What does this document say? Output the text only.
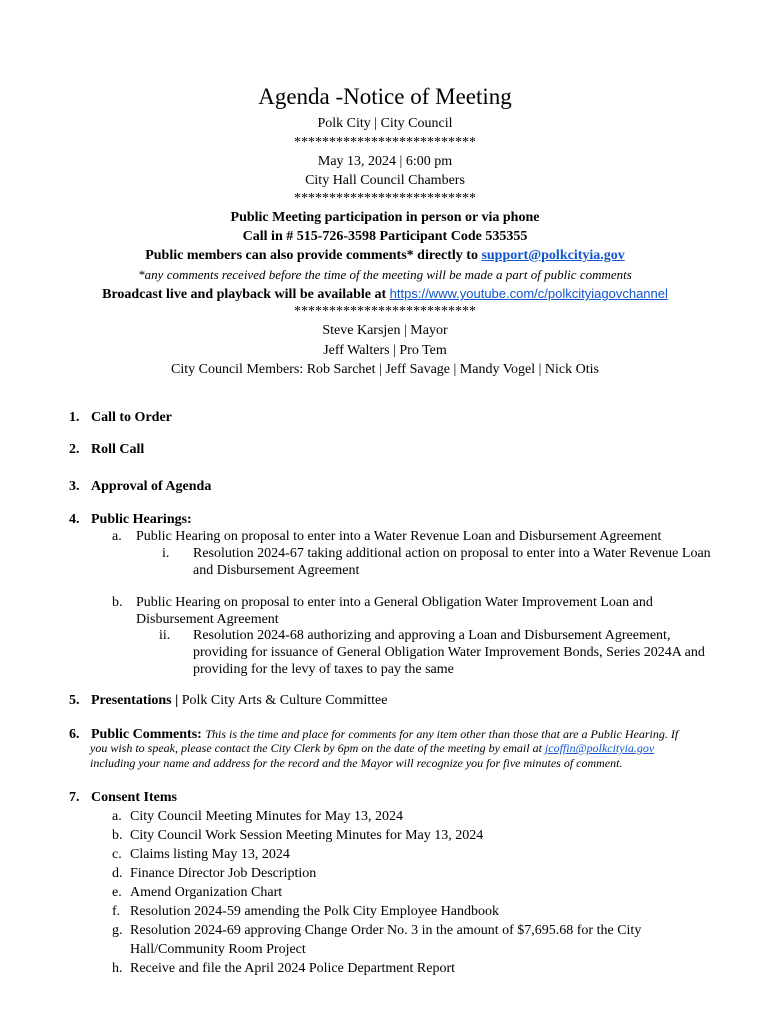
Agenda -Notice of Meeting
Polk City | City Council
**************************
May 13, 2024 | 6:00 pm
City Hall Council Chambers
**************************
Public Meeting participation in person or via phone
Call in # 515-726-3598 Participant Code 535355
Public members can also provide comments* directly to support@polkcityia.gov
*any comments received before the time of the meeting will be made a part of public comments
Broadcast live and playback will be available at https://www.youtube.com/c/polkcityiagovchannel
**************************
Steve Karsjen | Mayor
Jeff Walters | Pro Tem
City Council Members: Rob Sarchet | Jeff Savage | Mandy Vogel | Nick Otis
1. Call to Order
2. Roll Call
3. Approval of Agenda
4. Public Hearings:
a. Public Hearing on proposal to enter into a Water Revenue Loan and Disbursement Agreement
i. Resolution 2024-67 taking additional action on proposal to enter into a Water Revenue Loan
and Disbursement Agreement
b. Public Hearing on proposal to enter into a General Obligation Water Improvement Loan and
Disbursement Agreement
ii. Resolution 2024-68 authorizing and approving a Loan and Disbursement Agreement,
providing for issuance of General Obligation Water Improvement Bonds, Series 2024A and
providing for the levy of taxes to pay the same
5. Presentations | Polk City Arts & Culture Committee
6. Public Comments: This is the time and place for comments for any item other than those that are a Public Hearing. If
you wish to speak, please contact the City Clerk by 6pm on the date of the meeting by email at jcoffin@polkcityia.gov
including your name and address for the record and the Mayor will recognize you for five minutes of comment.
7. Consent Items
a. City Council Meeting Minutes for May 13, 2024
b. City Council Work Session Meeting Minutes for May 13, 2024
c. Claims listing May 13, 2024
d. Finance Director Job Description
e. Amend Organization Chart
f. Resolution 2024-59 amending the Polk City Employee Handbook
g. Resolution 2024-69 approving Change Order No. 3 in the amount of $7,695.68 for the City
Hall/Community Room Project
h. Receive and file the April 2024 Police Department Report
